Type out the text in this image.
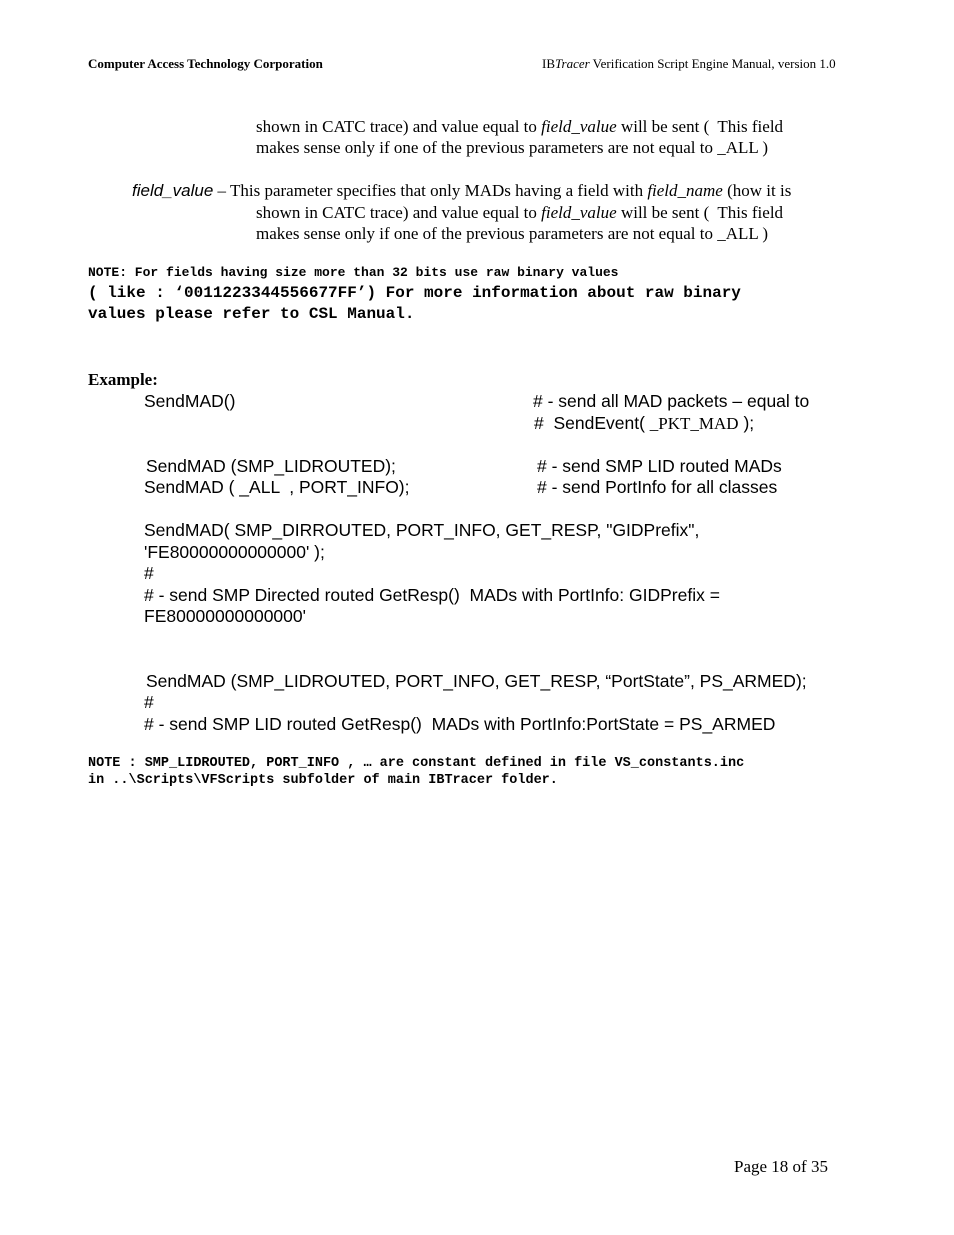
Computer Access Technology Corporation	IBTracer Verification Script Engine Manual, version 1.0
shown in CATC trace) and value equal to field_value will be sent (  This field
makes sense only if one of the previous parameters are not equal to _ALL )
field_value – This parameter specifies that only MADs having a field with field_name (how it is
shown in CATC trace) and value equal to field_value will be sent (  This field
makes sense only if one of the previous parameters are not equal to _ALL )
NOTE: For fields having size more than 32 bits use raw binary values
( like : ‘0011223344556677FF’) For more information about raw binary
values please refer to CSL Manual.
Example:
SendMAD()	# - send all MAD packets – equal to
#  SendEvent( _PKT_MAD );
SendMAD (SMP_LIDROUTED);	# - send SMP LID routed MADs
SendMAD ( _ALL  , PORT_INFO);	# - send PortInfo for all classes
SendMAD( SMP_DIRROUTED, PORT_INFO, GET_RESP, "GIDPrefix",
'FE80000000000000' );
#
# - send SMP Directed routed GetResp()  MADs with PortInfo: GIDPrefix =
FE80000000000000'
SendMAD (SMP_LIDROUTED, PORT_INFO, GET_RESP, “PortState”, PS_ARMED);
#
# - send SMP LID routed GetResp()  MADs with PortInfo:PortState = PS_ARMED
NOTE : SMP_LIDROUTED, PORT_INFO , … are constant defined in file VS_constants.inc
in ..\Scripts\VFScripts subfolder of main IBTracer folder.
Page 18 of 35
